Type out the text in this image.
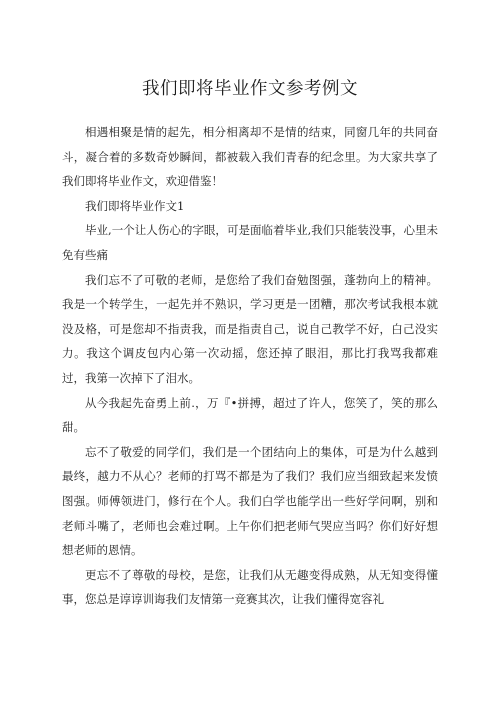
我们即将毕业作文参考例文

相遇相聚是情的起先，相分相离却不是情的结束，同窗几年的共同奋斗，凝合着的多数奇妙瞬间，都被载入我们青春的纪念里。为大家共享了我们即将毕业作文，欢迎借鉴！

我们即将毕业作文1

毕业,一个让人伤心的字眼，可是面临着毕业,我们只能装没事，心里未免有些痛

我们忘不了可敬的老师，是您给了我们奋勉图强，蓬勃向上的精神。我是一个转学生，一起先并不熟识，学习更是一团糟，那次考试我根本就没及格，可是您却不指责我，而是指责自己，说自己教学不好，白己没实力。我这个调皮包内心第一次动摇，您还掉了眼泪，那比打我骂我都难过，我第一次掉下了泪水。

从今我起先奋勇上前.，万『•拼搏，超过了许人，您笑了，笑的那么甜。

忘不了敬爱的同学们，我们是一个团结向上的集体，可是为什么越到最终，越力不从心？老师的打骂不都是为了我们？我们应当细致起来发愤图强。师傅领进门，修行在个人。我们白学也能学出一些好学问啊，别和老师斗嘴了，老师也会难过啊。上午你们把老师气哭应当吗？你们好好想想老师的恩情。

更忘不了尊敬的母校，是您，让我们从无趣变得成熟，从无知变得懂事，您总是谆谆训诲我们友情第一竞赛其次，让我们懂得宽容礼
